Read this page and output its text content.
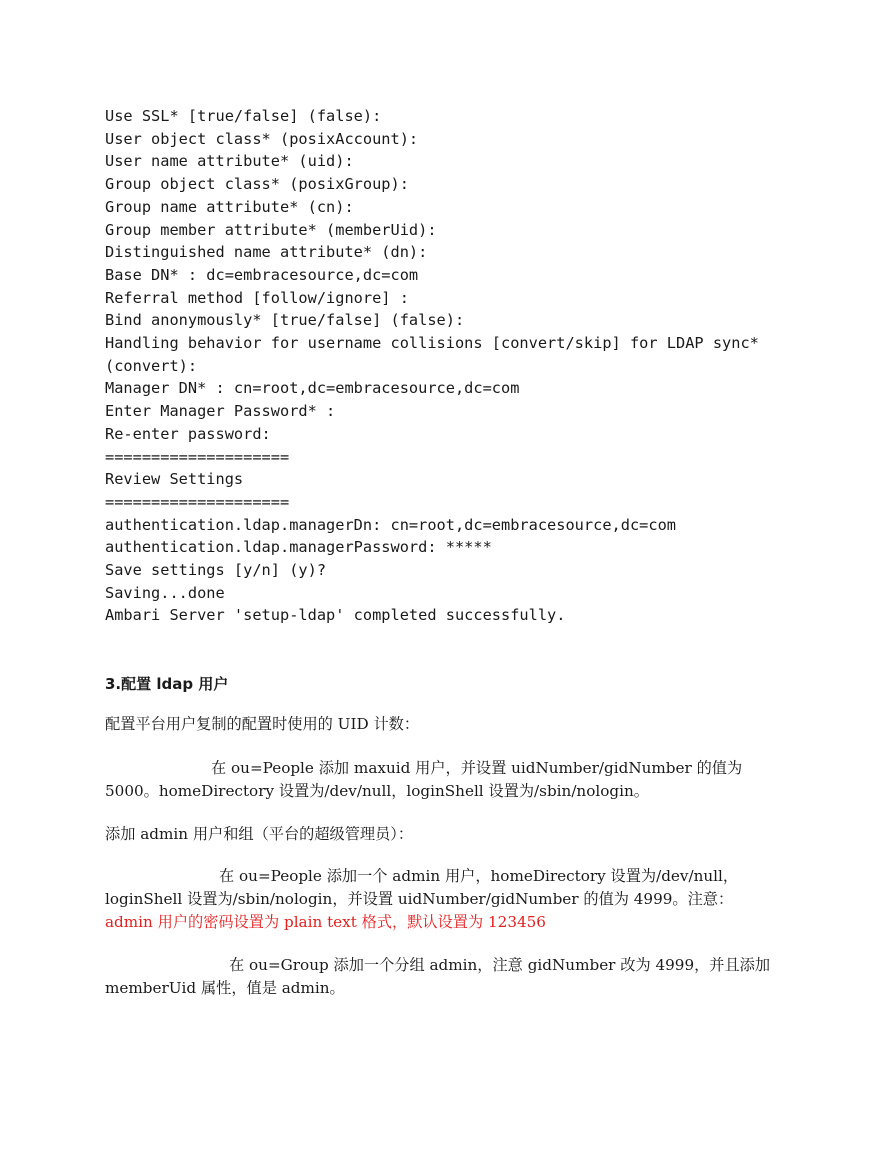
Use SSL* [true/false] (false):
User object class* (posixAccount):
User name attribute* (uid):
Group object class* (posixGroup):
Group name attribute* (cn):
Group member attribute* (memberUid):
Distinguished name attribute* (dn):
Base DN* : dc=embracesource,dc=com
Referral method [follow/ignore] :
Bind anonymously* [true/false] (false):
Handling behavior for username collisions [convert/skip] for LDAP sync*
(convert):
Manager DN* : cn=root,dc=embracesource,dc=com
Enter Manager Password* :
Re-enter password:
====================
Review Settings
====================
authentication.ldap.managerDn: cn=root,dc=embracesource,dc=com
authentication.ldap.managerPassword: *****
Save settings [y/n] (y)?
Saving...done
Ambari Server 'setup-ldap' completed successfully.
3.配置 ldap 用户
配置平台用户复制的配置时使用的 UID 计数：
在 ou=People 添加 maxuid 用户，并设置 uidNumber/gidNumber 的值为 5000。homeDirectory 设置为/dev/null，loginShell 设置为/sbin/nologin。
添加 admin 用户和组（平台的超级管理员）：
在 ou=People 添加一个 admin 用户，homeDirectory 设置为/dev/null，loginShell 设置为/sbin/nologin，并设置 uidNumber/gidNumber 的值为 4999。注意：
admin 用户的密码设置为 plain text 格式，默认设置为 123456
在 ou=Group 添加一个分组 admin，注意 gidNumber 改为 4999，并且添加 memberUid 属性，值是 admin。
